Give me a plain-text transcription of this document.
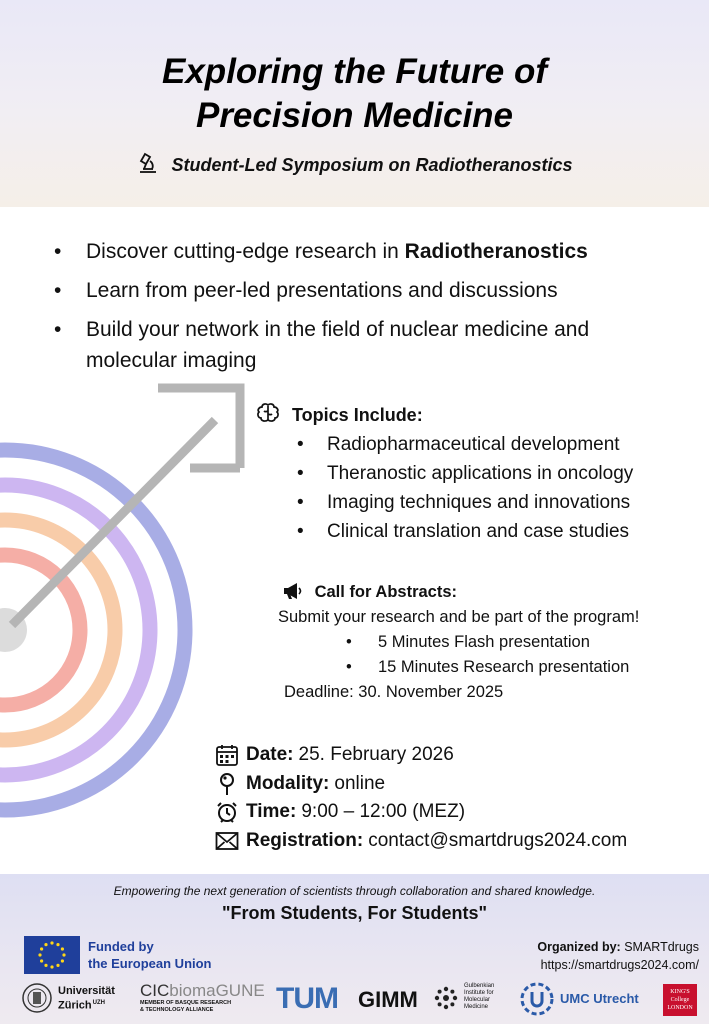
Exploring the Future of
Precision Medicine
Student-Led Symposium on Radiotheranostics
• Discover cutting-edge research in Radiotheranostics
• Learn from peer-led presentations and discussions
• Build your network in the field of nuclear medicine and molecular imaging
Topics Include:
• Radiopharmaceutical development
• Theranostic applications in oncology
• Imaging techniques and innovations
• Clinical translation and case studies
Call for Abstracts:
Submit your research and be part of the program!
• 5 Minutes Flash presentation
• 15 Minutes Research presentation
Deadline: 30. November 2025
Date: 25. February 2026
Modality: online
Time: 9:00 – 12:00 (MEZ)
Registration: contact@smartdrugs2024.com
Empowering the next generation of scientists through collaboration and shared knowledge.
"From Students, For Students"
Funded by
the European Union
Organized by: SMARTdrugs
https://smartdrugs2024.com/
Universität Zürich$^{UZH}$
CICbiomaGUNE
MEMBER OF BASQUE RESEARCH
& TECHNOLOGY ALLIANCE	TUM GIMM
Gulbenkian
Institute for
Molecular
Medicine
UMC Utrecht	KING'S
College
LONDON
